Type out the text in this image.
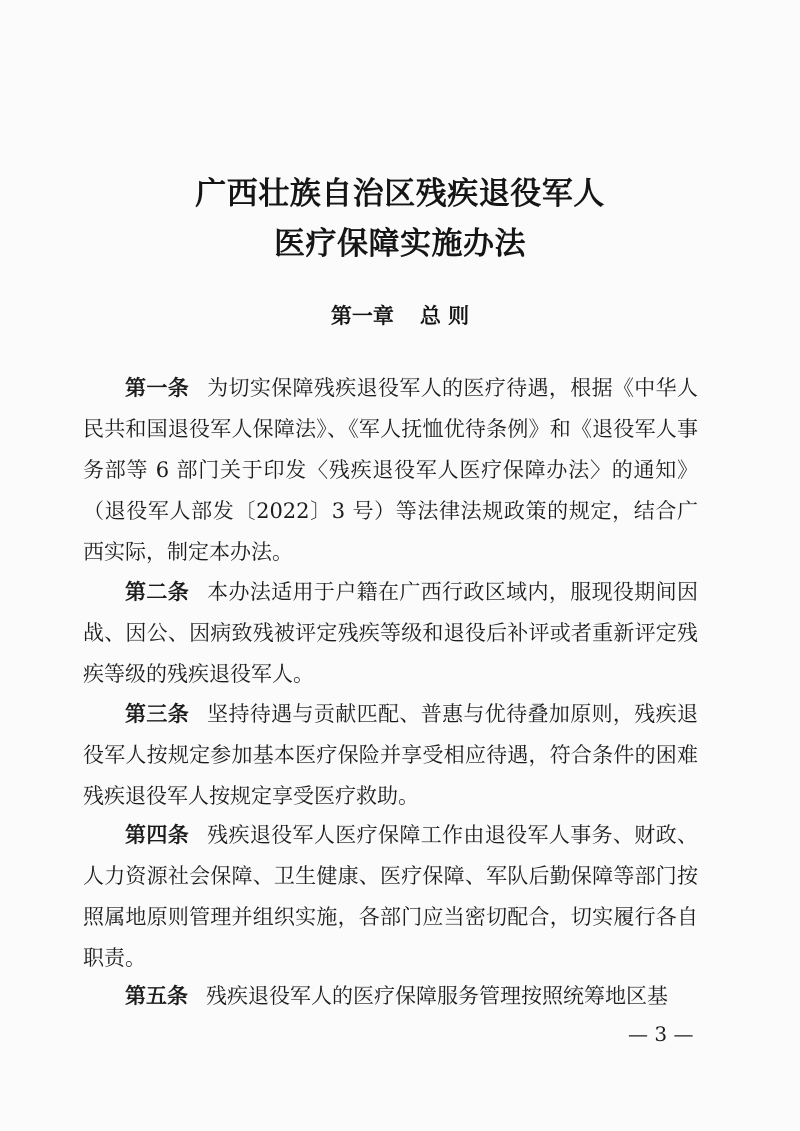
广西壮族自治区残疾退役军人
医疗保障实施办法
第一章 总 则
第一条 为切实保障残疾退役军人的医疗待遇，根据《中华人民共和国退役军人保障法》、《军人抚恤优待条例》和《退役军人事务部等 6 部门关于印发〈残疾退役军人医疗保障办法〉的通知》（退役军人部发〔2022〕3 号）等法律法规政策的规定，结合广西实际，制定本办法。
第二条 本办法适用于户籍在广西行政区域内，服现役期间因战、因公、因病致残被评定残疾等级和退役后补评或者重新评定残疾等级的残疾退役军人。
第三条 坚持待遇与贡献匹配、普惠与优待叠加原则，残疾退役军人按规定参加基本医疗保险并享受相应待遇，符合条件的困难残疾退役军人按规定享受医疗救助。
第四条 残疾退役军人医疗保障工作由退役军人事务、财政、人力资源社会保障、卫生健康、医疗保障、军队后勤保障等部门按照属地原则管理并组织实施，各部门应当密切配合，切实履行各自职责。
第五条 残疾退役军人的医疗保障服务管理按照统筹地区基
— 3 —
